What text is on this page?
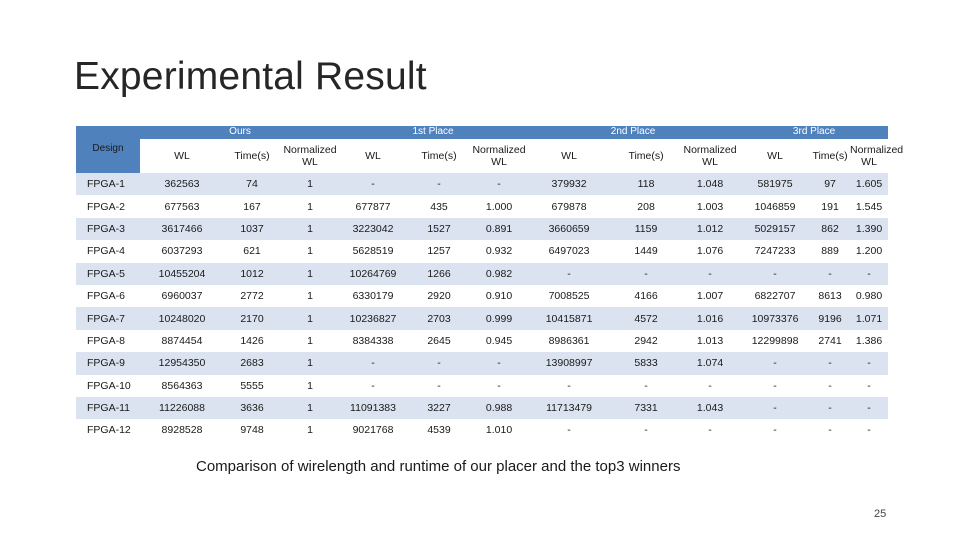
Experimental Result
Design	Ours			1st Place			2nd Place			3rd Place		
	WL	Time(s)	Normalized WL	WL	Time(s)	Normalized WL	WL	Time(s)	Normalized WL	WL	Time(s)	Normalized WL
FPGA-1	362563	74	1	-	-	-	379932	118	1.048	581975	97	1.605
FPGA-2	677563	167	1	677877	435	1.000	679878	208	1.003	1046859	191	1.545
FPGA-3	3617466	1037	1	3223042	1527	0.891	3660659	1159	1.012	5029157	862	1.390
FPGA-4	6037293	621	1	5628519	1257	0.932	6497023	1449	1.076	7247233	889	1.200
FPGA-5	10455204	1012	1	10264769	1266	0.982	-	-	-	-	-	-
FPGA-6	6960037	2772	1	6330179	2920	0.910	7008525	4166	1.007	6822707	8613	0.980
FPGA-7	10248020	2170	1	10236827	2703	0.999	10415871	4572	1.016	10973376	9196	1.071
FPGA-8	8874454	1426	1	8384338	2645	0.945	8986361	2942	1.013	12299898	2741	1.386
FPGA-9	12954350	2683	1	-	-	-	13908997	5833	1.074	-	-	-
FPGA-10	8564363	5555	1	-	-	-	-	-	-	-	-	-
FPGA-11	11226088	3636	1	11091383	3227	0.988	11713479	7331	1.043	-	-	-
FPGA-12	8928528	9748	1	9021768	4539	1.010	-	-	-	-	-	-

Comparison of wirelength and runtime of our placer and the top3 winners

25
